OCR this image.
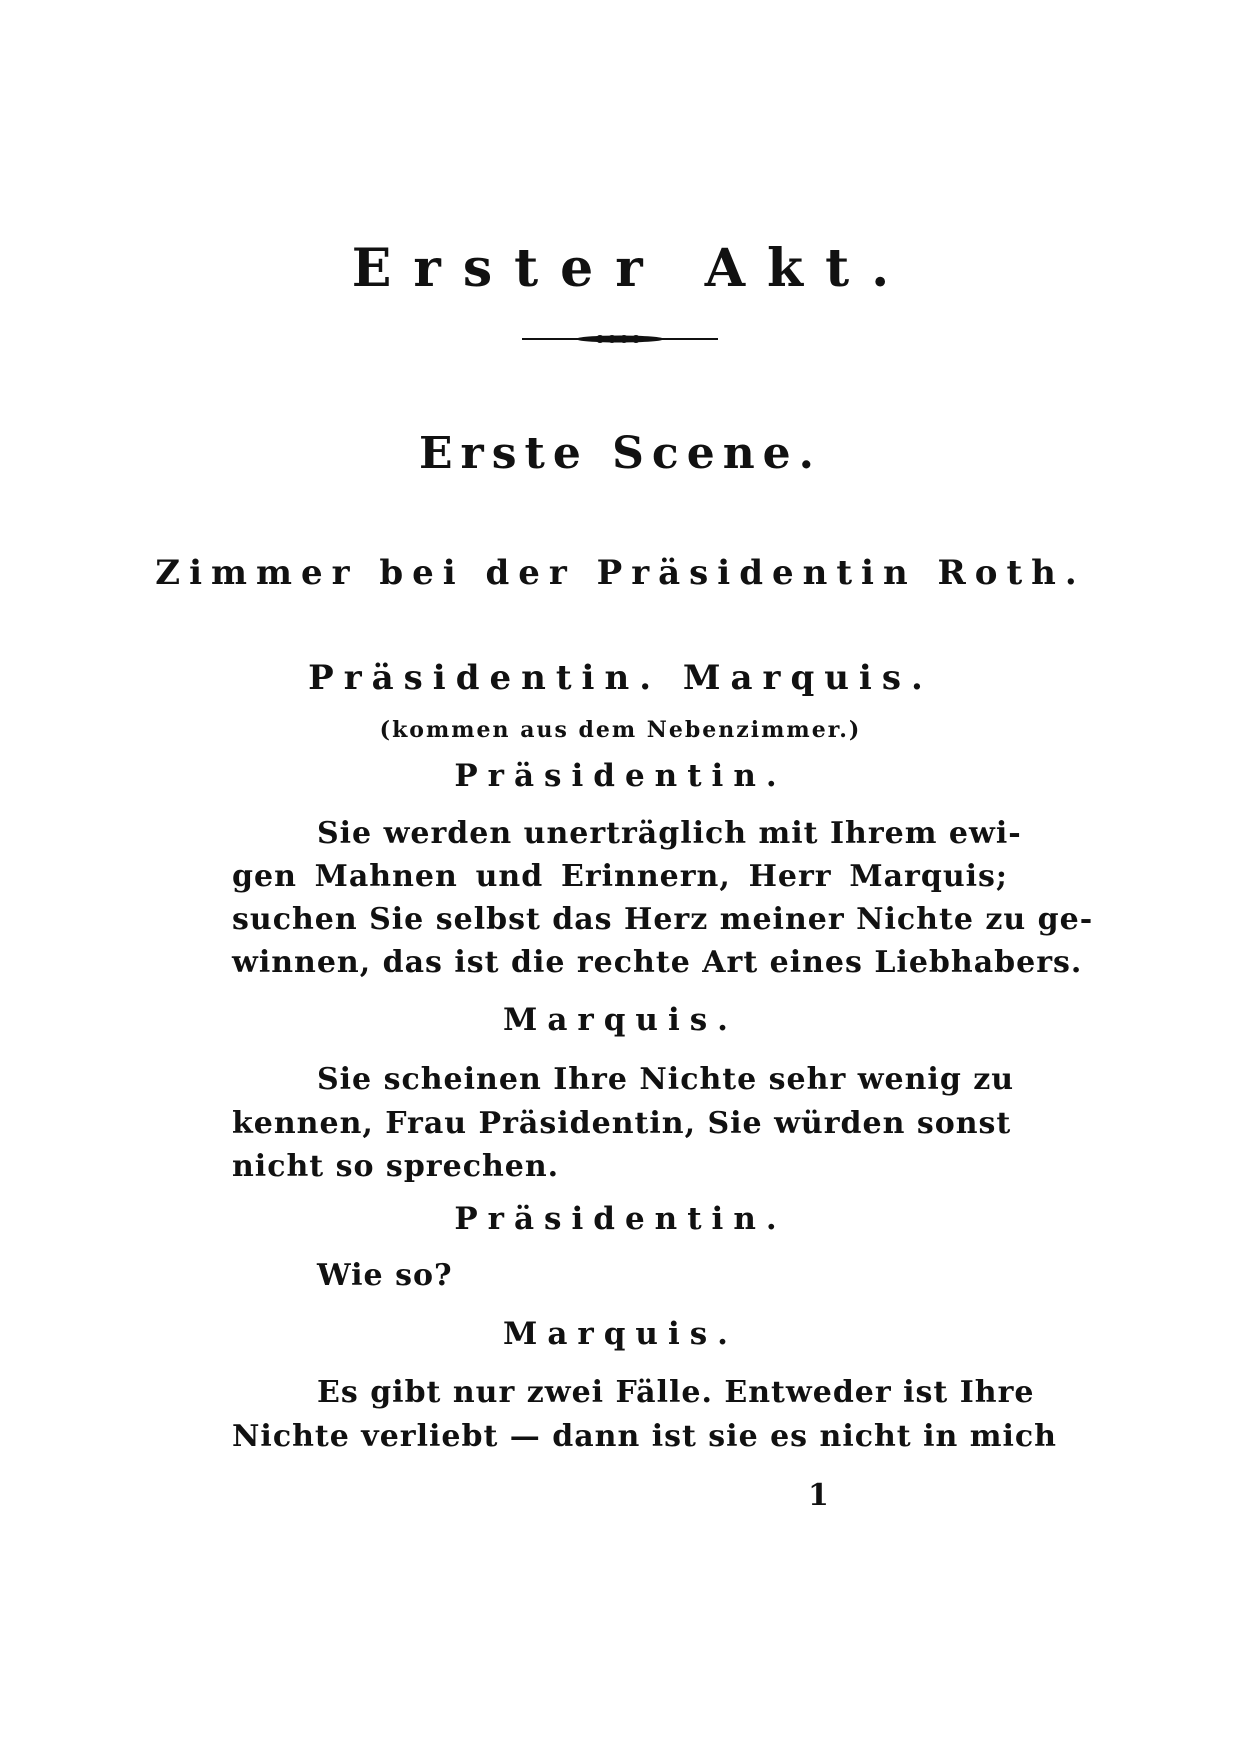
Erster Akt.
Erste Scene.
Zimmer bei der Präsidentin Roth.
Präsidentin. Marquis.
(kommen aus dem Nebenzimmer.)
Präsidentin.
Sie werden unerträglich mit Ihrem ewi-
gen Mahnen und Erinnern, Herr Marquis;
suchen Sie selbst das Herz meiner Nichte zu ge-
winnen, das ist die rechte Art eines Liebhabers.
Marquis.
Sie scheinen Ihre Nichte sehr wenig zu
kennen, Frau Präsidentin, Sie würden sonst
nicht so sprechen.
Präsidentin.
Wie so?
Marquis.
Es gibt nur zwei Fälle. Entweder ist Ihre
Nichte verliebt — dann ist sie es nicht in mich
1
